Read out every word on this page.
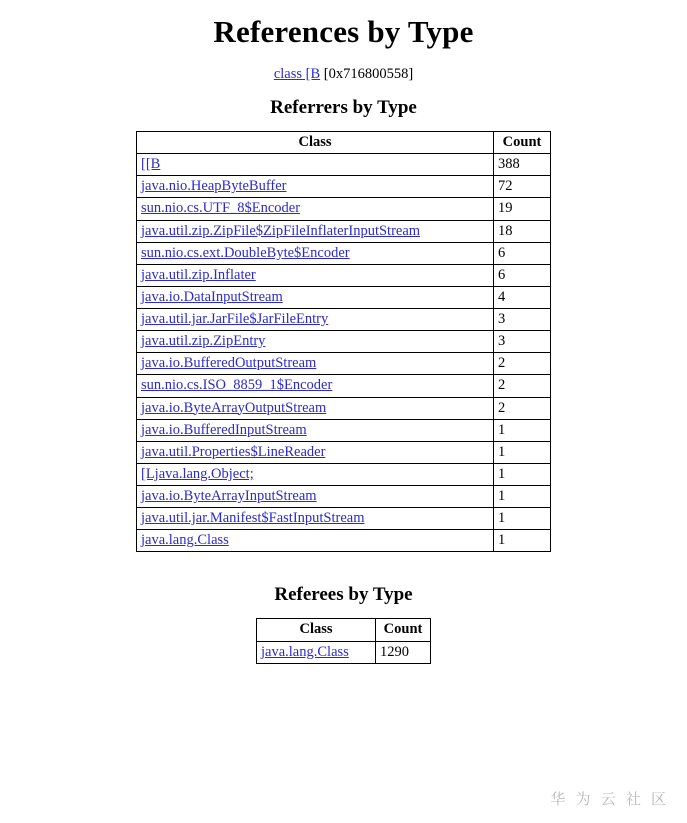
References by Type
class [B [0x716800558]
Referrers by Type
Class	Count
[[B	388
java.nio.HeapByteBuffer	72
sun.nio.cs.UTF_8$Encoder	19
java.util.zip.ZipFile$ZipFileInflaterInputStream	18
sun.nio.cs.ext.DoubleByte$Encoder	6
java.util.zip.Inflater	6
java.io.DataInputStream	4
java.util.jar.JarFile$JarFileEntry	3
java.util.zip.ZipEntry	3
java.io.BufferedOutputStream	2
sun.nio.cs.ISO_8859_1$Encoder	2
java.io.ByteArrayOutputStream	2
java.io.BufferedInputStream	1
java.util.Properties$LineReader	1
[Ljava.lang.Object;	1
java.io.ByteArrayInputStream	1
java.util.jar.Manifest$FastInputStream	1
java.lang.Class	1
Referees by Type
Class	Count
java.lang.Class	1290
华 为 云 社 区
